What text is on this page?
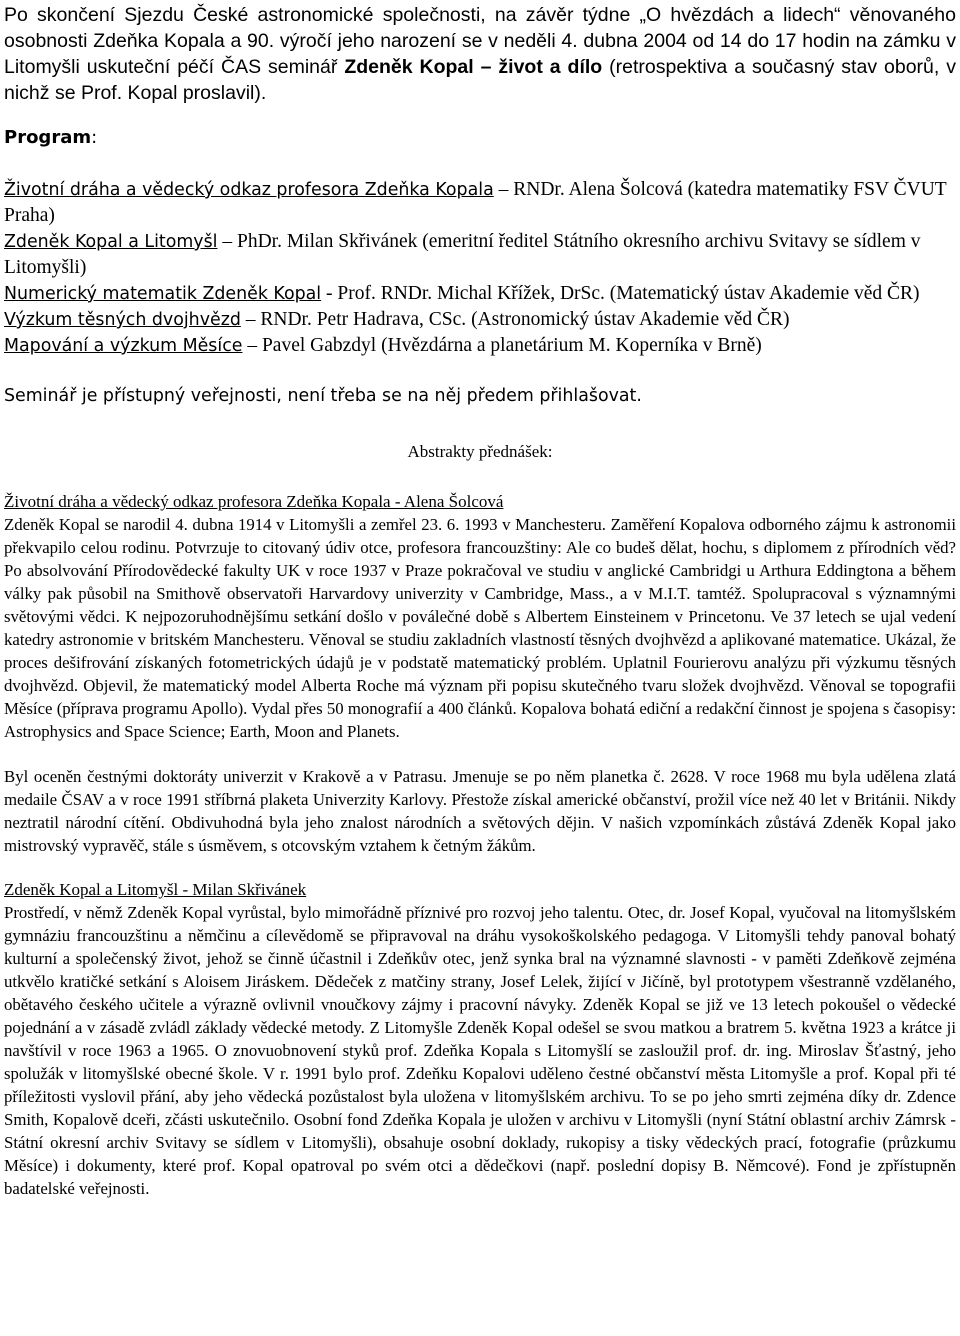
Po skončení Sjezdu České astronomické společnosti, na závěr týdne „O hvězdách a lidech“ věnovaného osobnosti Zdeňka Kopala a 90. výročí jeho narození se v neděli 4. dubna 2004 od 14 do 17 hodin na zámku v Litomyšli uskuteční péčí ČAS seminář Zdeněk Kopal – život a dílo (retrospektiva a současný stav oborů, v nichž se Prof. Kopal proslavil).

Program:

Životní dráha a vědecký odkaz profesora Zdeňka Kopala – RNDr. Alena Šolcová (katedra matematiky FSV ČVUT Praha)
Zdeněk Kopal a Litomyšl – PhDr. Milan Skřivánek (emeritní ředitel Státního okresního archivu Svitavy se sídlem v Litomyšli)
Numerický matematik Zdeněk Kopal - Prof. RNDr. Michal Křížek, DrSc. (Matematický ústav Akademie věd ČR)
Výzkum těsných dvojhvězd – RNDr. Petr Hadrava, CSc. (Astronomický ústav Akademie věd ČR)
Mapování a výzkum Měsíce – Pavel Gabzdyl (Hvězdárna a planetárium M. Koperníka v Brně)

Seminář je přístupný veřejnosti, není třeba se na něj předem přihlašovat.

Abstrakty přednášek:

Životní dráha a vědecký odkaz profesora Zdeňka Kopala - Alena Šolcová

Zdeněk Kopal se narodil 4. dubna 1914 v Litomyšli a zemřel 23. 6. 1993 v Manchesteru. Zaměření Kopalova odborného zájmu k astronomii překvapilo celou rodinu. Potvrzuje to citovaný údiv otce, profesora francouzštiny: Ale co budeš dělat, hochu, s diplomem z přírodních věd? Po absolvování Přírodovědecké fakulty UK v roce 1937 v Praze pokračoval ve studiu v anglické Cambridgi u Arthura Eddingtona a během války pak působil na Smithově observatoři Harvardovy univerzity v Cambridge, Mass., a v M.I.T. tamtéž. Spolupracoval s významnými světovými vědci. K nejpozoruhodnějšímu setkání došlo v poválečné době s Albertem Einsteinem v Princetonu. Ve 37 letech se ujal vedení katedry astronomie v britském Manchesteru. Věnoval se studiu zakladních vlastností těsných dvojhvězd a aplikované matematice. Ukázal, že proces dešifrování získaných fotometrických údajů je v podstatě matematický problém. Uplatnil Fourierovu analýzu při výzkumu těsných dvojhvězd. Objevil, že matematický model Alberta Roche má význam při popisu skutečného tvaru složek dvojhvězd. Věnoval se topografii Měsíce (příprava programu Apollo). Vydal přes 50 monografií a 400 článků. Kopalova bohatá ediční a redakční činnost je spojena s časopisy: Astrophysics and Space Science; Earth, Moon and Planets.

Byl oceněn čestnými doktoráty univerzit v Krakově a v Patrasu. Jmenuje se po něm planetka č. 2628. V roce 1968 mu byla udělena zlatá medaile ČSAV a v roce 1991 stříbrná plaketa Univerzity Karlovy. Přestože získal americké občanství, prožil více než 40 let v Británii. Nikdy neztratil národní cítění. Obdivuhodná byla jeho znalost národních a světových dějin. V našich vzpomínkách zůstává Zdeněk Kopal jako mistrovský vypravěč, stále s úsměvem, s otcovským vztahem k četným žákům.

Zdeněk Kopal a Litomyšl - Milan Skřivánek

Prostředí, v němž Zdeněk Kopal vyrůstal, bylo mimořádně příznivé pro rozvoj jeho talentu. Otec, dr. Josef Kopal, vyučoval na litomyšlském gymnáziu francouzštinu a němčinu a cílevědomě se připravoval na dráhu vysokoškolského pedagoga. V Litomyšli tehdy panoval bohatý kulturní a společenský život, jehož se činně účastnil i Zdeňkův otec, jenž synka bral na významné slavnosti - v paměti Zdeňkově zejména utkvělo kratičké setkání s Aloisem Jiráskem. Dědeček z matčiny strany, Josef Lelek, žijící v Jičíně, byl prototypem všestranně vzdělaného, obětavého českého učitele a výrazně ovlivnil vnoučkovy zájmy i pracovní návyky. Zdeněk Kopal se již ve 13 letech pokoušel o vědecké pojednání a v zásadě zvládl základy vědecké metody. Z Litomyšle Zdeněk Kopal odešel se svou matkou a bratrem 5. května 1923 a krátce ji navštívil v roce 1963 a 1965. O znovuobnovení styků prof. Zdeňka Kopala s Litomyšlí se zasloužil prof. dr. ing. Miroslav Šťastný, jeho spolužák v litomyšlské obecné škole. V r. 1991 bylo prof. Zdeňku Kopalovi uděleno čestné občanství města Litomyšle a prof. Kopal při té příležitosti vyslovil přání, aby jeho vědecká pozůstalost byla uložena v litomyšlském archivu. To se po jeho smrti zejména díky dr. Zdence Smith, Kopalově dceři, zčásti uskutečnilo. Osobní fond Zdeňka Kopala je uložen v archivu v Litomyšli (nyní Státní oblastní archiv Zámrsk - Státní okresní archiv Svitavy se sídlem v Litomyšli), obsahuje osobní doklady, rukopisy a tisky vědeckých prací, fotografie (průzkumu Měsíce) i dokumenty, které prof. Kopal opatroval po svém otci a dědečkovi (např. poslední dopisy B. Němcové). Fond je zpřístupněn badatelské veřejnosti.
